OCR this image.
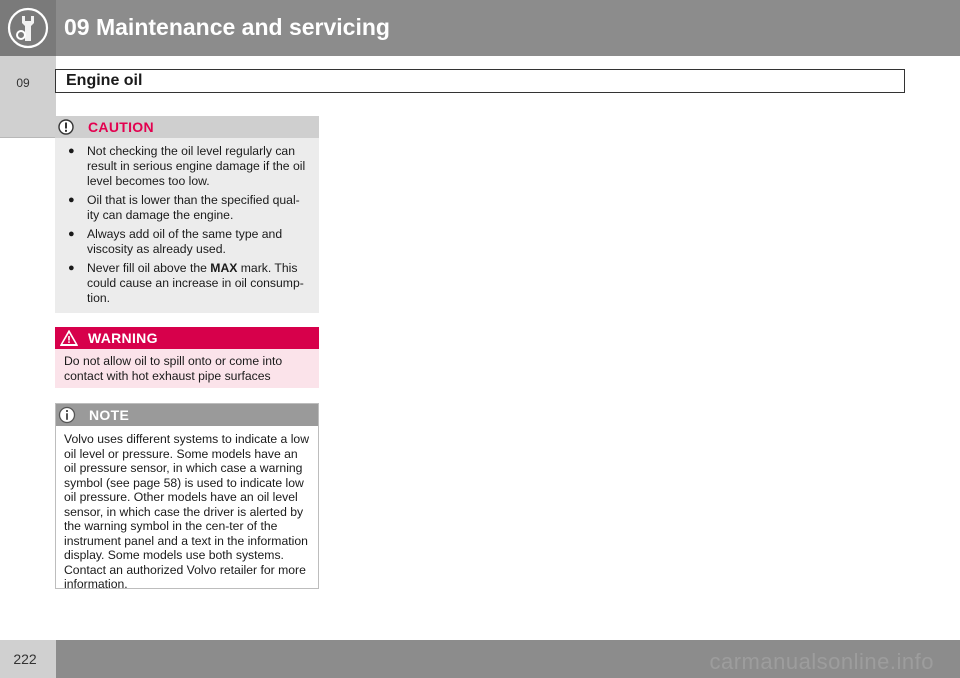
09 Maintenance and servicing
09	Engine oil
CAUTION
● Not checking the oil level regularly can result in serious engine damage if the oil level becomes too low.
● Oil that is lower than the specified qual-ity can damage the engine.
● Always add oil of the same type and viscosity as already used.
● Never fill oil above the MAX mark. This could cause an increase in oil consump-tion.
WARNING
Do not allow oil to spill onto or come into contact with hot exhaust pipe surfaces
NOTE
Volvo uses different systems to indicate a low oil level or pressure. Some models have an oil pressure sensor, in which case a warning symbol (see page 58) is used to indicate low oil pressure. Other models have an oil level sensor, in which case the driver is alerted by the warning symbol in the cen-ter of the instrument panel and a text in the information display. Some models use both systems. Contact an authorized Volvo retailer for more information.
222	carmanualsonline.info
